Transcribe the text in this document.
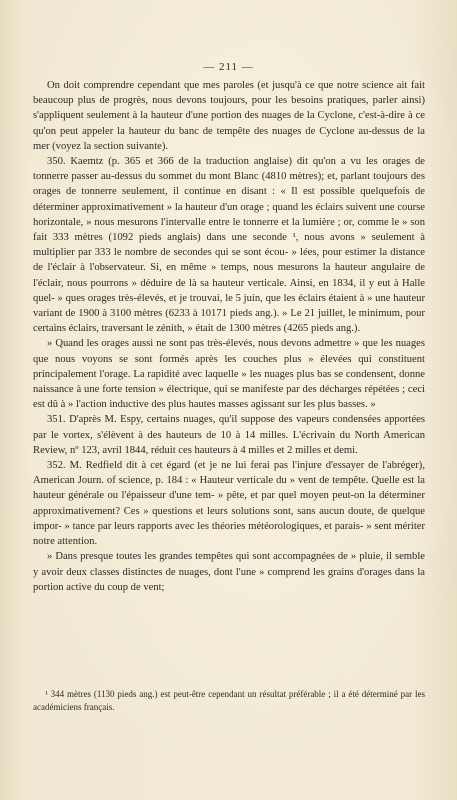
— 211 —

On doit comprendre cependant que mes paroles (et jusqu'à ce que notre science ait fait beaucoup plus de progrès, nous devons toujours, pour les besoins pratiques, parler ainsi) s'appliquent seulement à la hauteur d'une portion des nuages de la Cyclone, c'est-à-dire à ce qu'on peut appeler la hauteur du banc de tempête des nuages de Cyclone au-dessus de la mer (voyez la section suivante).

350. Kaemtz (p. 365 et 366 de la traduction anglaise) dit qu'on a vu les orages de tonnerre passer au-dessus du sommet du mont Blanc (4810 mètres); et, parlant toujours des orages de tonnerre seulement, il continue en disant : « Il est possible quelquefois de déterminer approximativement » la hauteur d'un orage ; quand les éclairs suivent une course horizontale, » nous mesurons l'intervalle entre le tonnerre et la lumière ; or, comme le » son fait 333 mètres (1092 pieds anglais) dans une seconde ¹, nous avons » seulement à multiplier par 333 le nombre de secondes qui se sont écou- » lées, pour estimer la distance de l'éclair à l'observateur. Si, en même » temps, nous mesurons la hauteur angulaire de l'éclair, nous pourrons » déduire de là sa hauteur verticale. Ainsi, en 1834, il y eut à Halle quel- » ques orages très-élevés, et je trouvai, le 5 juin, que les éclairs étaient à » une hauteur variant de 1900 à 3100 mètres (6233 à 10171 pieds ang.). » Le 21 juillet, le minimum, pour certains éclairs, traversant le zénith, » était de 1300 mètres (4265 pieds ang.).

» Quand les orages aussi ne sont pas très-élevés, nous devons admettre » que les nuages que nous voyons se sont formés après les couches plus » élevées qui constituent principalement l'orage. La rapidité avec laquelle » les nuages plus bas se condensent, donne naissance à une forte tension » électrique, qui se manifeste par des décharges répétées ; ceci est dû à » l'action inductive des plus hautes masses agissant sur les plus basses. »

351. D'après M. Espy, certains nuages, qu'il suppose des vapeurs condensées apportées par le vortex, s'élèvent à des hauteurs de 10 à 14 milles. L'écrivain du North American Review, nº 123, avril 1844, réduit ces hauteurs à 4 milles et 2 milles et demi.

352. M. Redfield dit à cet égard (et je ne lui ferai pas l'injure d'essayer de l'abréger), American Journ. of science, p. 184 : « Hauteur verticale du » vent de tempête. Quelle est la hauteur générale ou l'épaisseur d'une tem- » pête, et par quel moyen peut-on la déterminer approximativement? Ces » questions et leurs solutions sont, sans aucun doute, de quelque impor- » tance par leurs rapports avec les théories météorologiques, et parais- » sent mériter notre attention.

» Dans presque toutes les grandes tempêtes qui sont accompagnées de » pluie, il semble y avoir deux classes distinctes de nuages, dont l'une » comprend les grains d'orages dans la portion active du coup de vent;

¹ 344 mètres (1130 pieds ang.) est peut-être cependant un résultat préférable ; il a été déterminé par les académiciens français.
